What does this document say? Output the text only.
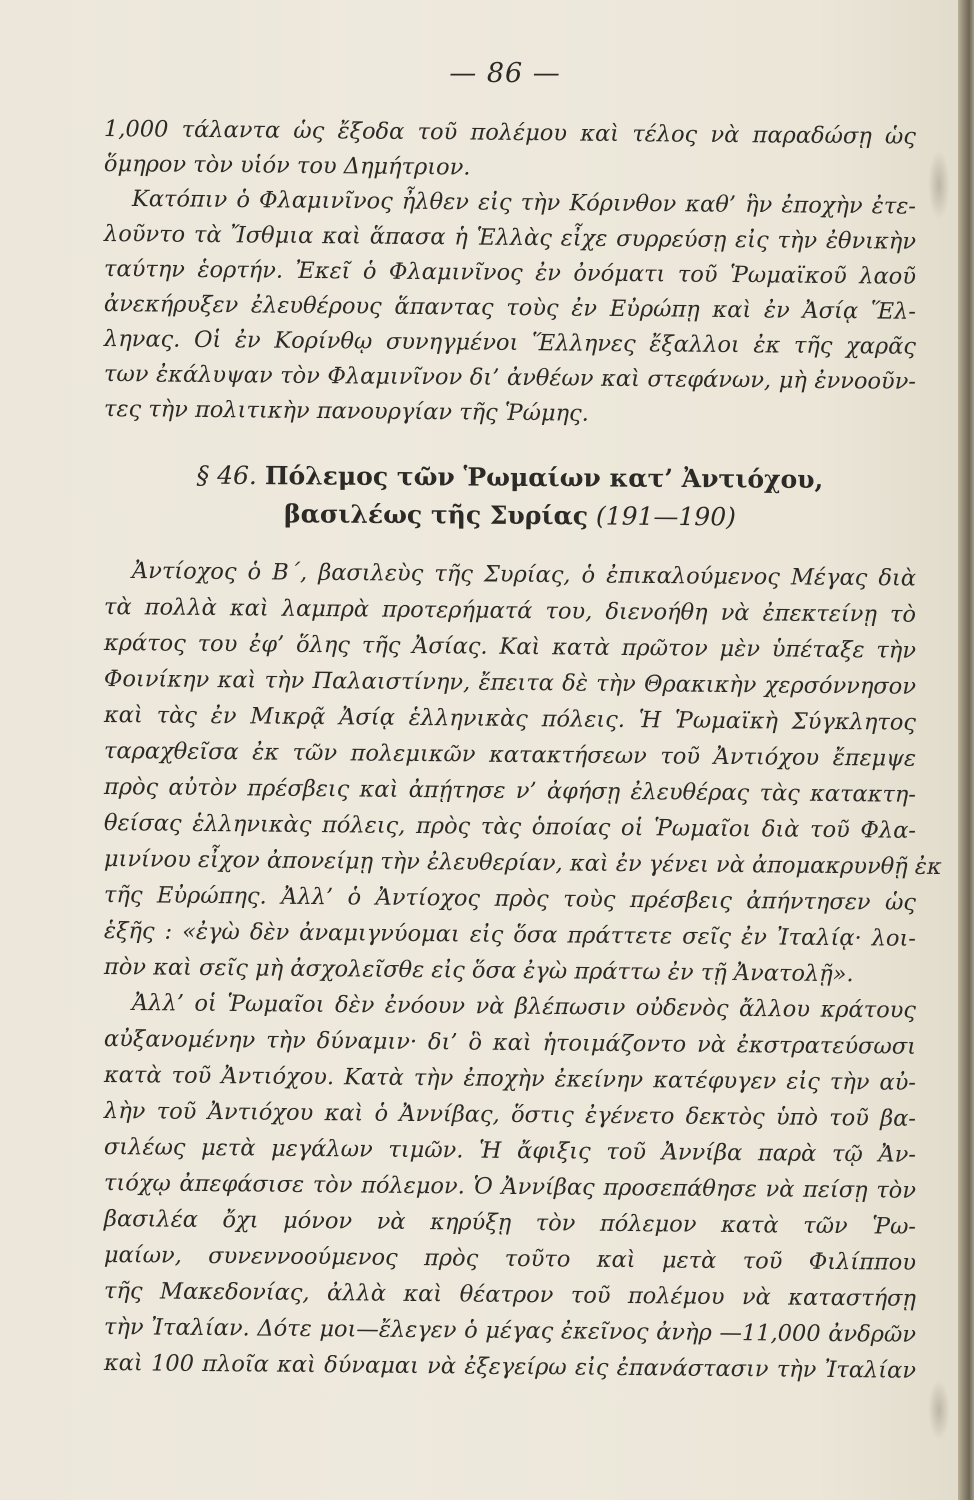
— 86 —
1,000 τάλαντα ὡς ἔξοδα τοῦ πολέμου καὶ τέλος νὰ παραδώσῃ ὡς
ὅμηρον τὸν υἱόν του Δημήτριον.
Κατόπιν ὁ Φλαμινῖνος ἦλθεν εἰς τὴν Κόρινθον καθ’ ἣν ἐποχὴν ἐτε-
λοῦντο τὰ Ἴσθμια καὶ ἅπασα ἡ Ἑλλὰς εἶχε συρρεύσῃ εἰς τὴν ἐθνικὴν
ταύτην ἑορτήν. Ἐκεῖ ὁ Φλαμινῖνος ἐν ὀνόματι τοῦ Ῥωμαϊκοῦ λαοῦ
ἀνεκήρυξεν ἐλευθέρους ἅπαντας τοὺς ἐν Εὐρώπῃ καὶ ἐν Ἀσίᾳ Ἕλ-
ληνας. Οἱ ἐν Κορίνθῳ συνηγμένοι Ἕλληνες ἔξαλλοι ἐκ τῆς χαρᾶς
των ἐκάλυψαν τὸν Φλαμινῖνον δι’ ἀνθέων καὶ στεφάνων, μὴ ἐννοοῦν-
τες τὴν πολιτικὴν πανουργίαν τῆς Ῥώμης.
§ 46. Πόλεμος τῶν Ῥωμαίων κατ’ Ἀντιόχου,
βασιλέως τῆς Συρίας (191—190)
Ἀντίοχος ὁ Β΄, βασιλεὺς τῆς Συρίας, ὁ ἐπικαλούμενος Μέγας διὰ
τὰ πολλὰ καὶ λαμπρὰ προτερήματά του, διενοήθη νὰ ἐπεκτείνῃ τὸ
κράτος του ἐφ’ ὅλης τῆς Ἀσίας. Καὶ κατὰ πρῶτον μὲν ὑπέταξε τὴν
Φοινίκην καὶ τὴν Παλαιστίνην, ἔπειτα δὲ τὴν Θρακικὴν χερσόννησον
καὶ τὰς ἐν Μικρᾷ Ἀσίᾳ ἑλληνικὰς πόλεις. Ἡ Ῥωμαϊκὴ Σύγκλητος
ταραχθεῖσα ἐκ τῶν πολεμικῶν κατακτήσεων τοῦ Ἀντιόχου ἔπεμψε
πρὸς αὐτὸν πρέσβεις καὶ ἀπῄτησε ν’ ἀφήσῃ ἐλευθέρας τὰς κατακτη-
θείσας ἑλληνικὰς πόλεις, πρὸς τὰς ὁποίας οἱ Ῥωμαῖοι διὰ τοῦ Φλα-
μινίνου εἶχον ἀπονείμῃ τὴν ἐλευθερίαν, καὶ ἐν γένει νὰ ἀπομακρυνθῇ ἐκ
τῆς Εὐρώπης. Ἀλλ’ ὁ Ἀντίοχος πρὸς τοὺς πρέσβεις ἀπήντησεν ὡς
ἑξῆς : «ἐγὼ δὲν ἀναμιγνύομαι εἰς ὅσα πράττετε σεῖς ἐν Ἰταλίᾳ· λοι-
πὸν καὶ σεῖς μὴ ἀσχολεῖσθε εἰς ὅσα ἐγὼ πράττω ἐν τῇ Ἀνατολῇ».
Ἀλλ’ οἱ Ῥωμαῖοι δὲν ἐνόουν νὰ βλέπωσιν οὐδενὸς ἄλλου κράτους
αὐξανομένην τὴν δύναμιν· δι’ ὃ καὶ ἡτοιμάζοντο νὰ ἐκστρατεύσωσι
κατὰ τοῦ Ἀντιόχου. Κατὰ τὴν ἐποχὴν ἐκείνην κατέφυγεν εἰς τὴν αὐ-
λὴν τοῦ Ἀντιόχου καὶ ὁ Ἀννίβας, ὅστις ἐγένετο δεκτὸς ὑπὸ τοῦ βα-
σιλέως μετὰ μεγάλων τιμῶν. Ἡ ἄφιξις τοῦ Ἀννίβα παρὰ τῷ Ἀν-
τιόχῳ ἀπεφάσισε τὸν πόλεμον. Ὁ Ἀννίβας προσεπάθησε νὰ πείσῃ τὸν
βασιλέα ὄχι μόνον νὰ κηρύξῃ τὸν πόλεμον κατὰ τῶν Ῥω-
μαίων, συνεννοούμενος πρὸς τοῦτο καὶ μετὰ τοῦ Φιλίππου
τῆς Μακεδονίας, ἀλλὰ καὶ θέατρον τοῦ πολέμου νὰ καταστήσῃ
τὴν Ἰταλίαν. Δότε μοι—ἔλεγεν ὁ μέγας ἐκεῖνος ἀνὴρ —11,000 ἀνδρῶν
καὶ 100 πλοῖα καὶ δύναμαι νὰ ἐξεγείρω εἰς ἐπανάστασιν τὴν Ἰταλίαν
